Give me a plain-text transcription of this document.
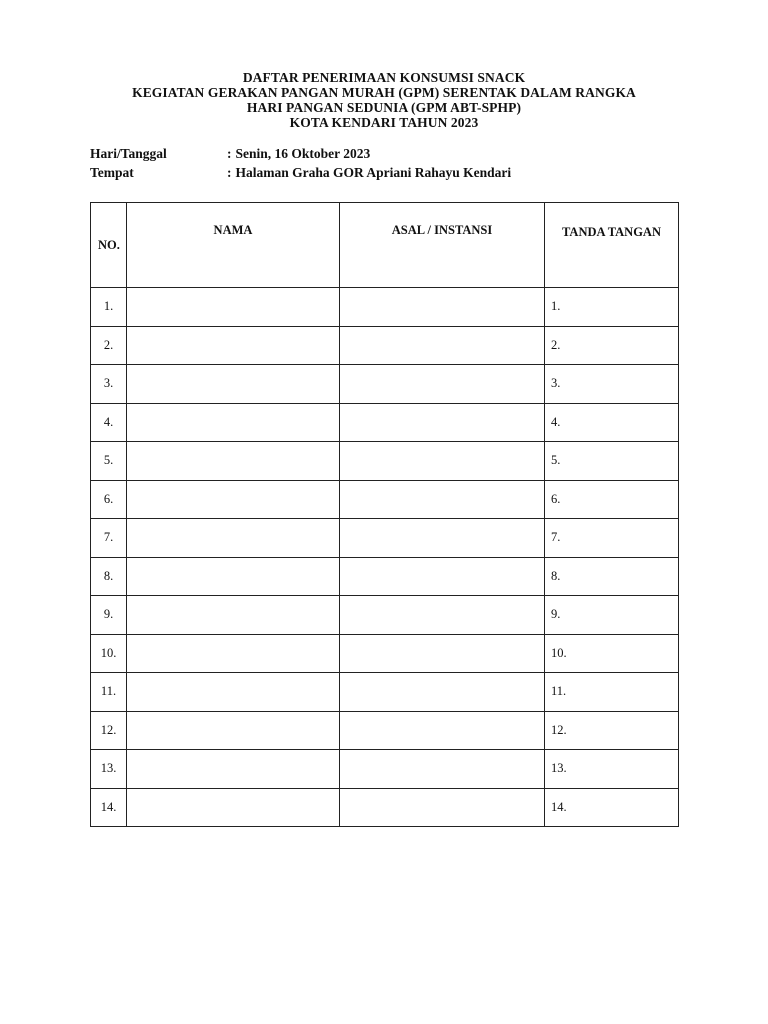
DAFTAR PENERIMAAN KONSUMSI SNACK
KEGIATAN GERAKAN PANGAN MURAH (GPM) SERENTAK DALAM RANGKA
HARI PANGAN SEDUNIA (GPM ABT-SPHP)
KOTA KENDARI TAHUN 2023
Hari/Tanggal	: Senin, 16 Oktober 2023
Tempat	: Halaman Graha GOR Apriani Rahayu Kendari
NO.	NAMA	ASAL / INSTANSI	TANDA TANGAN
1.			1.
2.			2.
3.			3.
4.			4.
5.			5.
6.			6.
7.			7.
8.			8.
9.			9.
10.			10.
11.			11.
12.			12.
13.			13.
14.			14.
